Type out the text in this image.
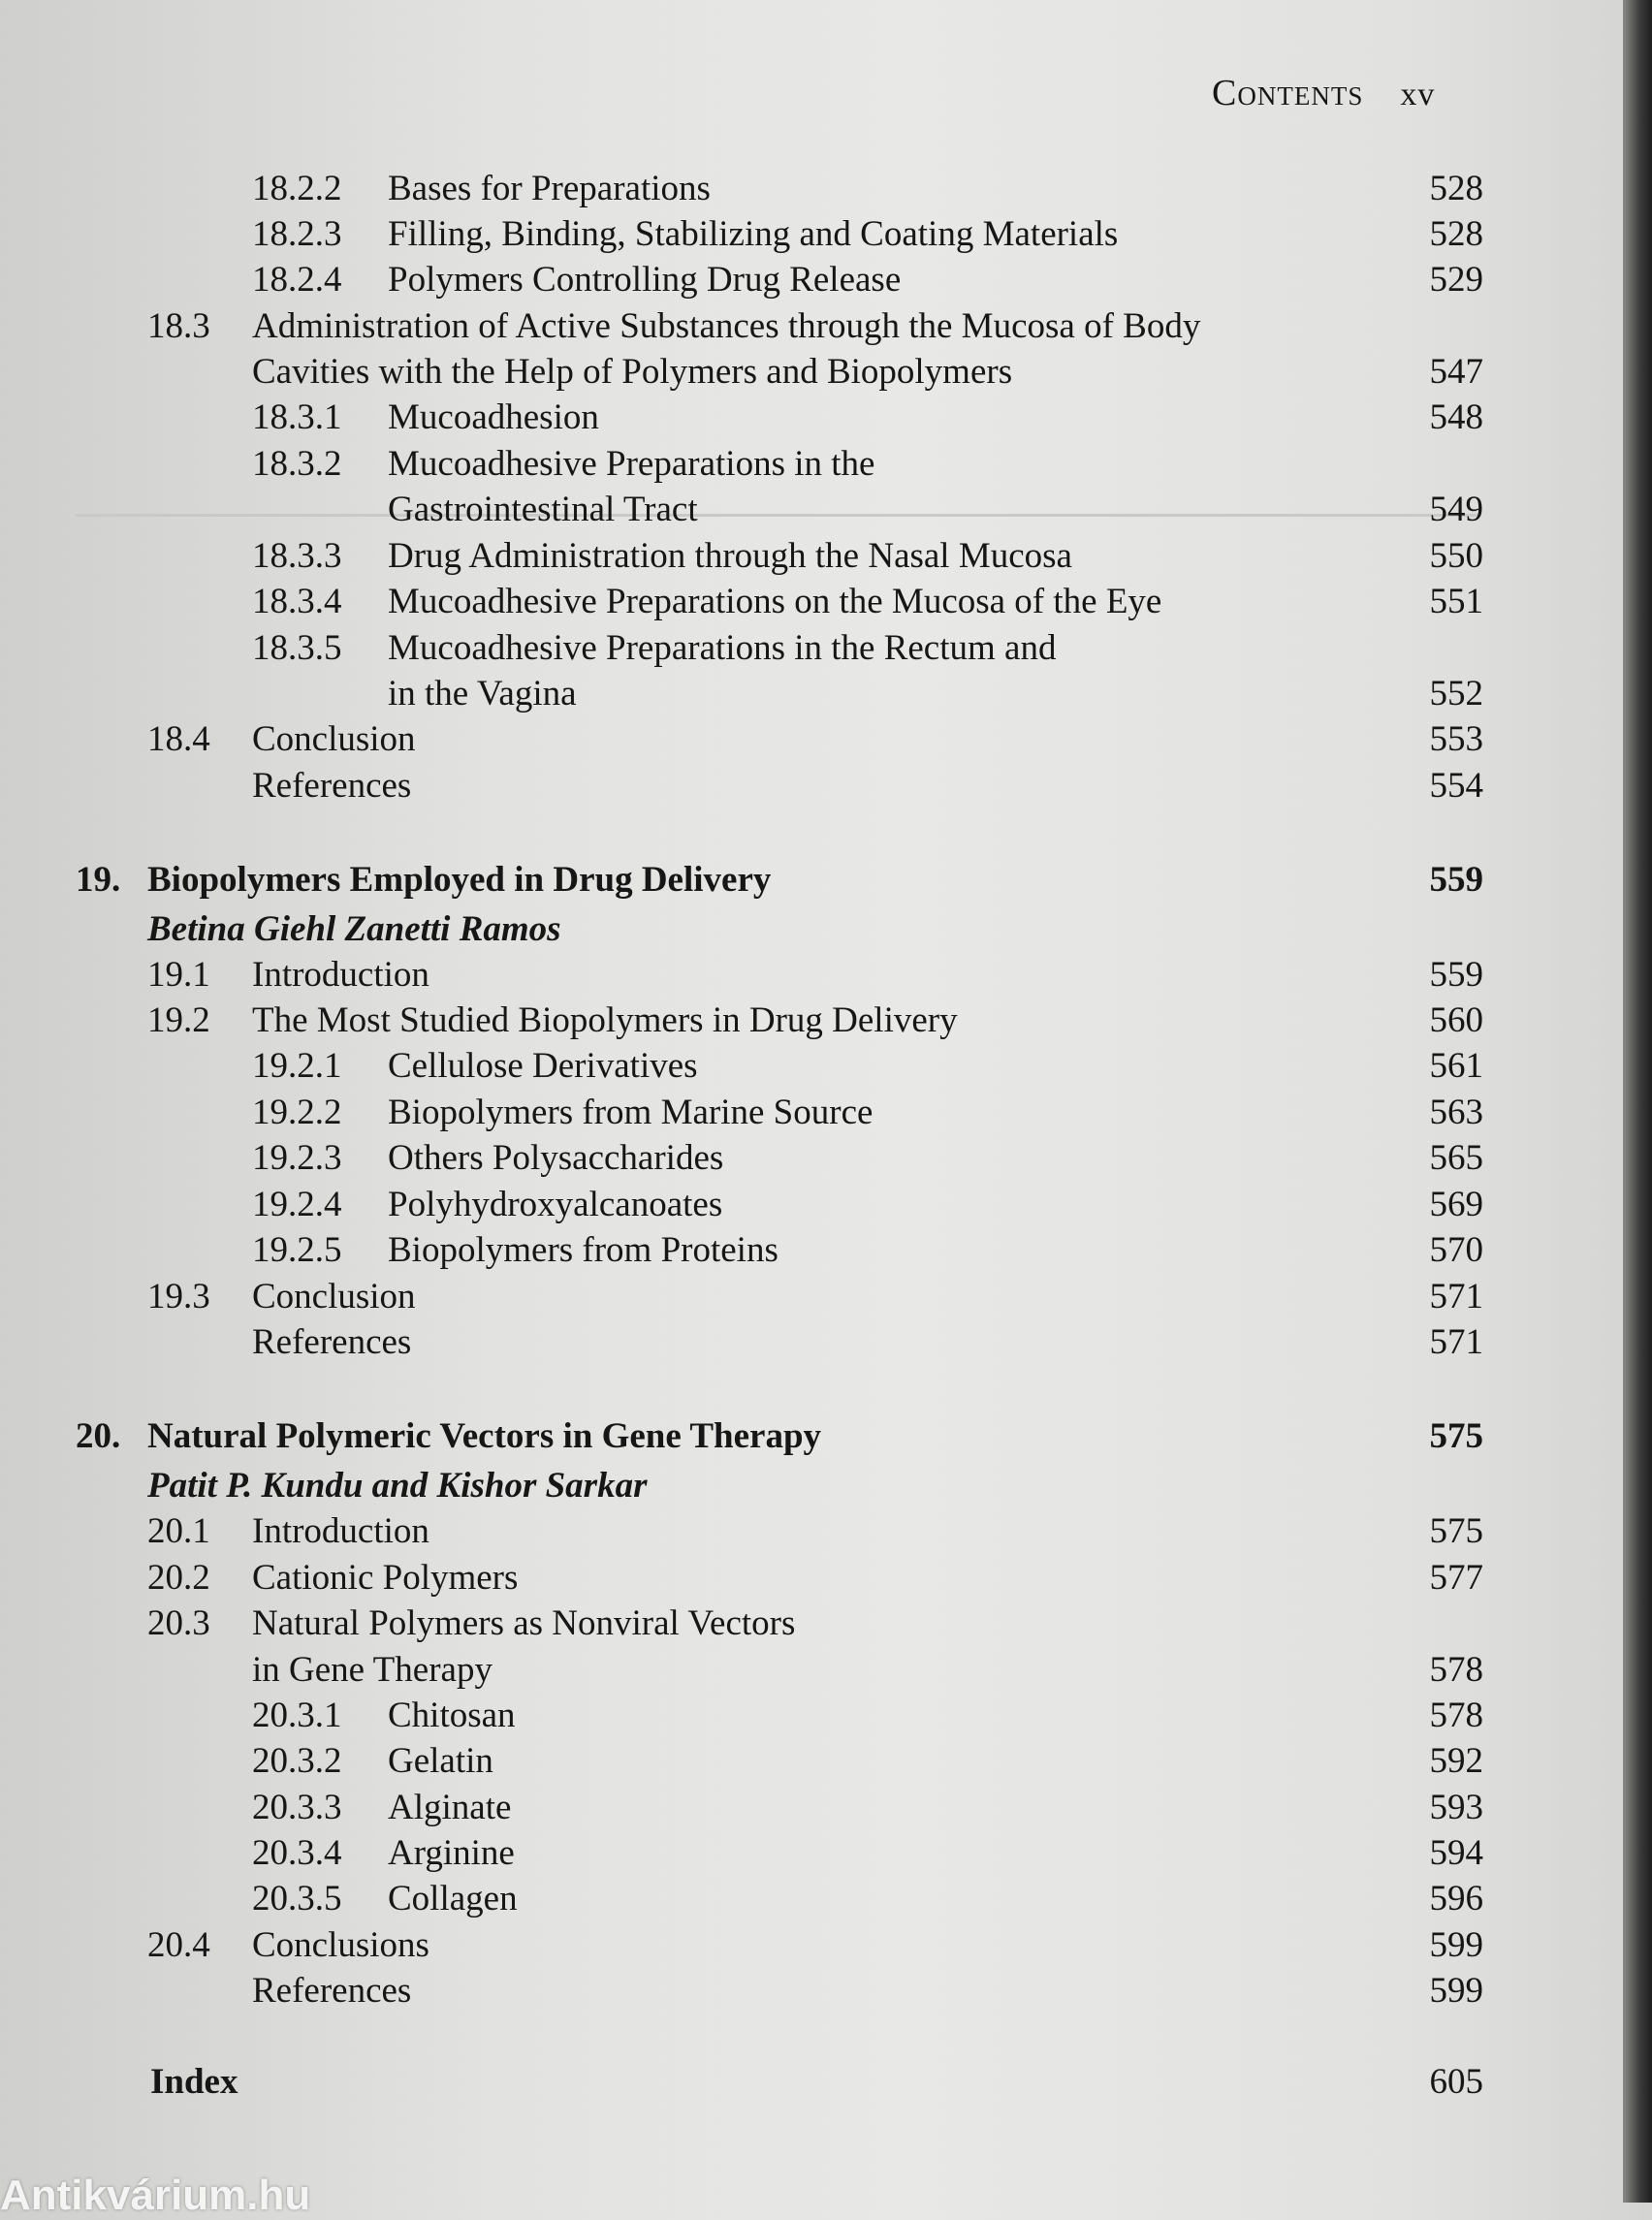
Contents xv
18.2.2 Bases for Preparations	528
18.2.3 Filling, Binding, Stabilizing and Coating Materials	528
18.2.4 Polymers Controlling Drug Release	529
18.3 Administration of Active Substances through the Mucosa of Body
Cavities with the Help of Polymers and Biopolymers	547
18.3.1 Mucoadhesion	548
18.3.2 Mucoadhesive Preparations in the
Gastrointestinal Tract	549
18.3.3 Drug Administration through the Nasal Mucosa	550
18.3.4 Mucoadhesive Preparations on the Mucosa of the Eye	551
18.3.5 Mucoadhesive Preparations in the Rectum and
in the Vagina	552
18.4 Conclusion	553
References	554
19. Biopolymers Employed in Drug Delivery	559
Betina Giehl Zanetti Ramos
19.1 Introduction	559
19.2 The Most Studied Biopolymers in Drug Delivery	560
19.2.1 Cellulose Derivatives	561
19.2.2 Biopolymers from Marine Source	563
19.2.3 Others Polysaccharides	565
19.2.4 Polyhydroxyalcanoates	569
19.2.5 Biopolymers from Proteins	570
19.3 Conclusion	571
References	571
20. Natural Polymeric Vectors in Gene Therapy	575
Patit P. Kundu and Kishor Sarkar
20.1 Introduction	575
20.2 Cationic Polymers	577
20.3 Natural Polymers as Nonviral Vectors
in Gene Therapy	578
20.3.1 Chitosan	578
20.3.2 Gelatin	592
20.3.3 Alginate	593
20.3.4 Arginine	594
20.3.5 Collagen	596
20.4 Conclusions	599
References	599
Index	605
Antikvárium.hu
